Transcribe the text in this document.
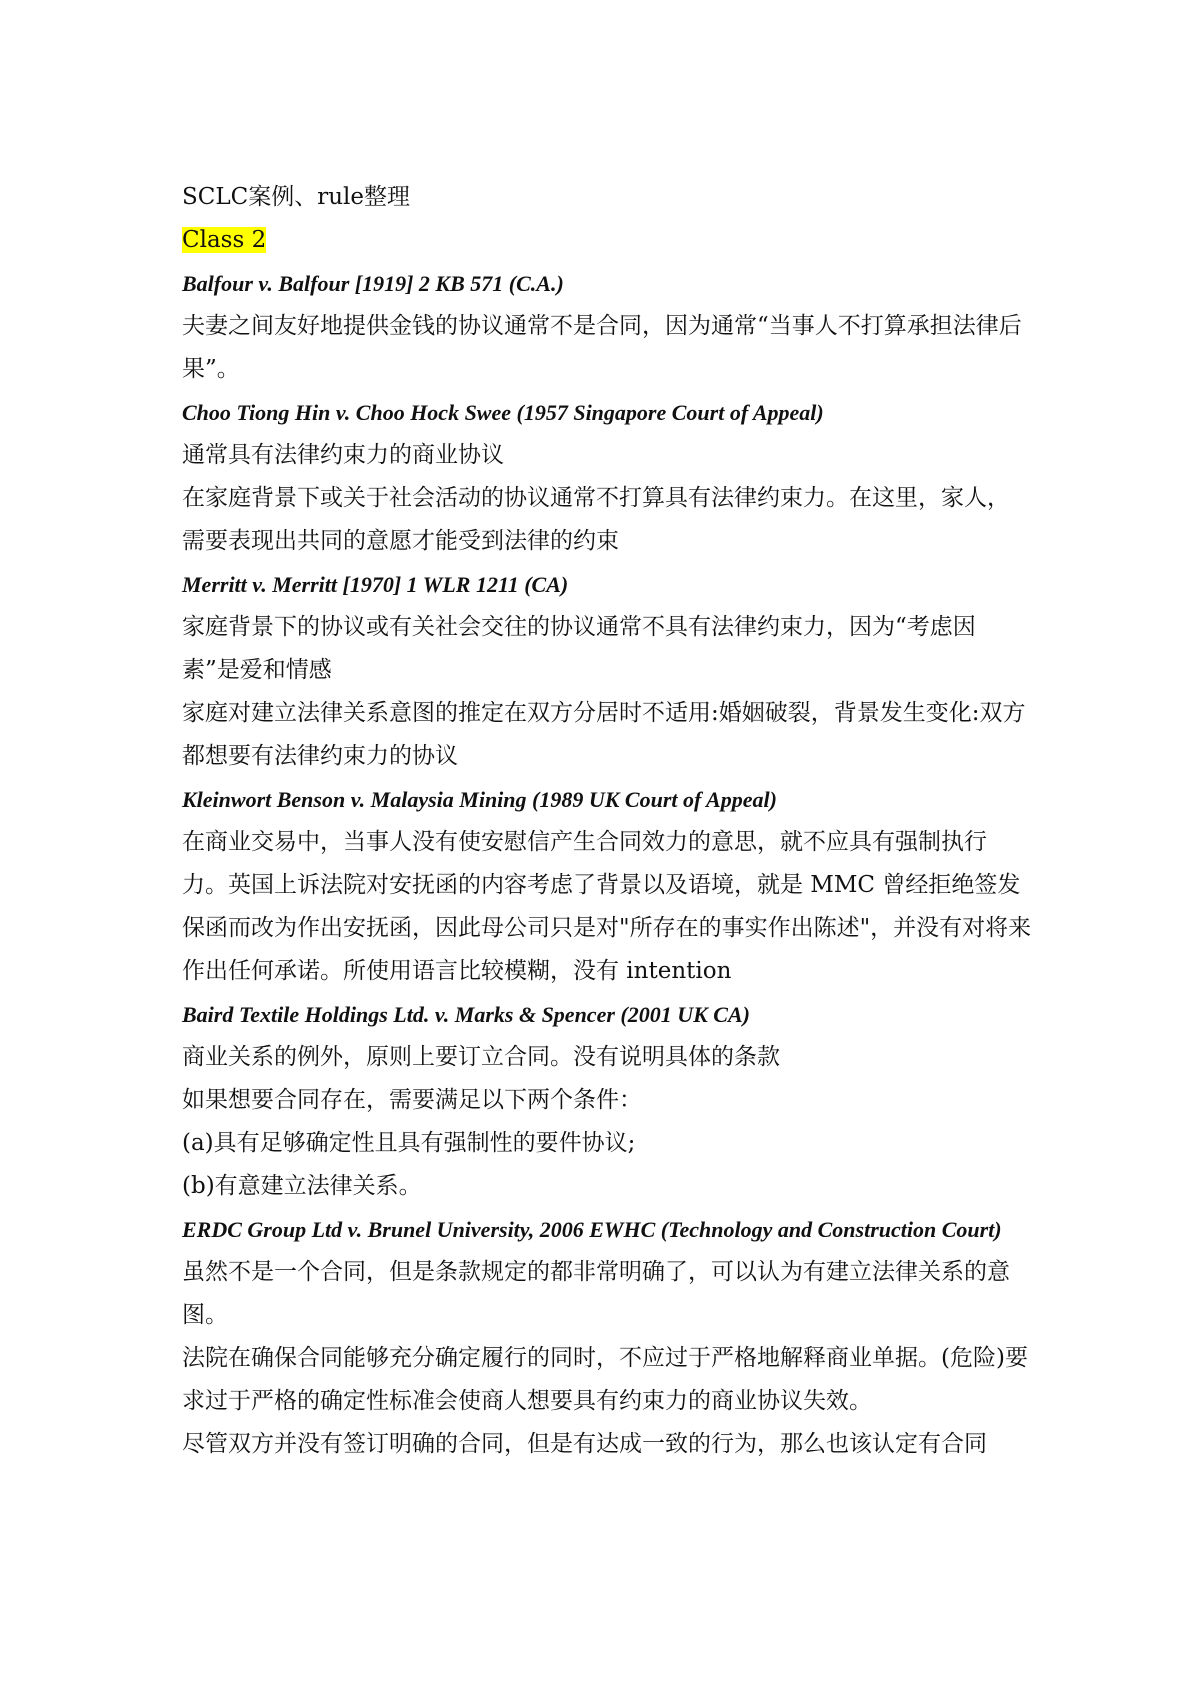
SCLC案例、rule整理

Class 2

Balfour v. Balfour [1919] 2 KB 571 (C.A.)

夫妻之间友好地提供金钱的协议通常不是合同，因为通常“当事人不打算承担法律后果”。

Choo Tiong Hin v. Choo Hock Swee (1957 Singapore Court of Appeal)

通常具有法律约束力的商业协议

在家庭背景下或关于社会活动的协议通常不打算具有法律约束力。在这里，家人，需要表现出共同的意愿才能受到法律的约束

Merritt v. Merritt [1970] 1 WLR 1211 (CA)

家庭背景下的协议或有关社会交往的协议通常不具有法律约束力，因为“考虑因素”是爱和情感

家庭对建立法律关系意图的推定在双方分居时不适用:婚姻破裂，背景发生变化:双方都想要有法律约束力的协议

Kleinwort Benson v. Malaysia Mining (1989 UK Court of Appeal)

在商业交易中，当事人没有使安慰信产生合同效力的意思，就不应具有强制执行力。英国上诉法院对安抚函的内容考虑了背景以及语境，就是 MMC 曾经拒绝签发保函而改为作出安抚函，因此母公司只是对"所存在的事实作出陈述"，并没有对将来作出任何承诺。所使用语言比较模糊，没有 intention

Baird Textile Holdings Ltd. v. Marks & Spencer (2001 UK CA)

商业关系的例外，原则上要订立合同。没有说明具体的条款

如果想要合同存在，需要满足以下两个条件：

(a)具有足够确定性且具有强制性的要件协议;

(b)有意建立法律关系。

ERDC Group Ltd v. Brunel University, 2006 EWHC (Technology and Construction Court)

虽然不是一个合同，但是条款规定的都非常明确了，可以认为有建立法律关系的意图。

法院在确保合同能够充分确定履行的同时，不应过于严格地解释商业单据。(危险)要求过于严格的确定性标准会使商人想要具有约束力的商业协议失效。

尽管双方并没有签订明确的合同，但是有达成一致的行为，那么也该认定有合同
